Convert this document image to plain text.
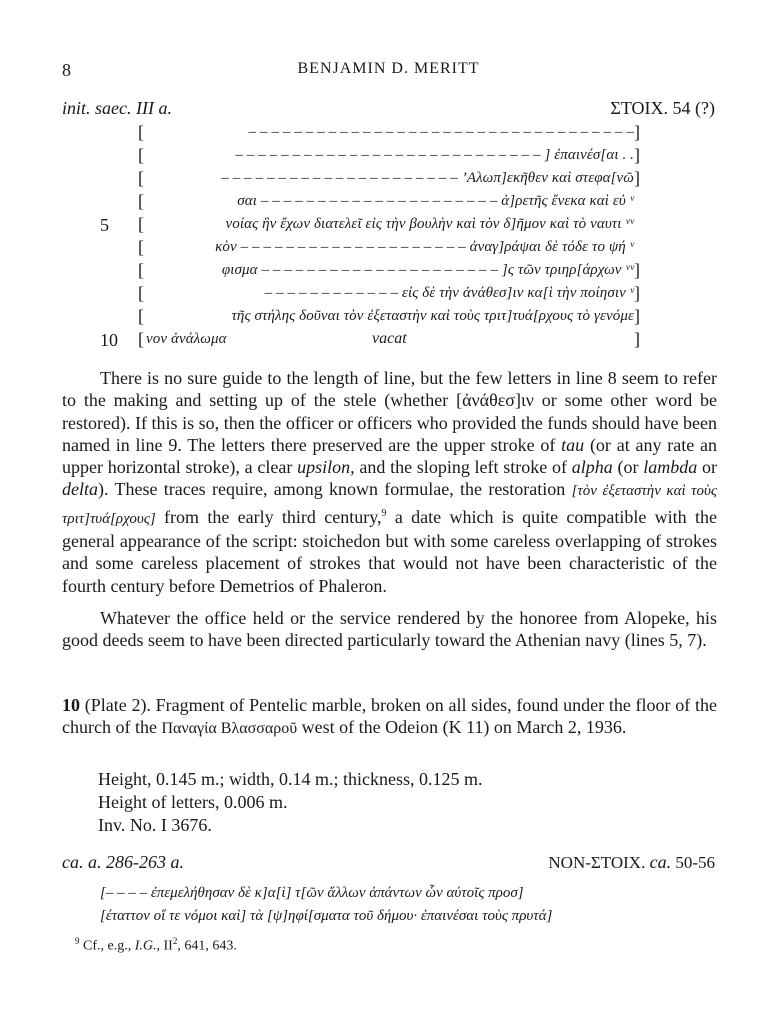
8	BENJAMIN D. MERITT
init. saec. III a.	ΣΤΟΙΧ. 54 (?)
[	– – – – – – – – – – – – – – – – – – – – – – – – – – – – – – – – – – ]
[	– – – – – – – – – – – – – – – – – – – – – – – – – – – ] ἐπαινέσ[αι . . ]
[	– – – – – – – – – – – – – – – – – – – – – ’Αλωπ]εκῆθεν καὶ στεφα[νῶ ]
[	σαι – – – – – – – – – – – – – – – – – – – – – ἀ]ρετῆς ἕνεκα καὶ εὐ ᵛ
5	[	νοίας ἣν ἔχων διατελεῖ εἰς τὴν βουλὴν καὶ τὸν δ]ῆμον καὶ τὸ ναυτι ᵛᵛ
[	κὸν – – – – – – – – – – – – – – – – – – – – ἀναγ]ράψαι δὲ τόδε το ψή ᵛ
[	φισμα – – – – – – – – – – – – – – – – – – – – – ]ς τῶν τριηρ[άρχων ᵛᵛ ]
[	– – – – – – – – – – – – εἰς δὲ τὴν ἀνάθεσ]ιν κα[ὶ τὴν ποίησιν ᵛ ]
[	τῆς στήλης δοῦναι τὸν ἐξεταστὴν καὶ τοὺς τριτ]τυά[ρχους τὸ γενόμε ]
10	[ νον ἀνάλωμα	vacat	]
There is no sure guide to the length of line, but the few letters in line 8 seem to refer to the making and setting up of the stele (whether [ἀνάθεσ]ιν or some other word be restored). If this is so, then the officer or officers who provided the funds should have been named in line 9. The letters there preserved are the upper stroke of tau (or at any rate an upper horizontal stroke), a clear upsilon, and the sloping left stroke of alpha (or lambda or delta). These traces require, among known formulae, the restoration [τὸν ἐξεταστὴν καὶ τοὺς τριτ]τυά[ρχους] from the early third century,$^9$ a date which is quite compatible with the general appearance of the script: stoichedon but with some careless overlapping of strokes and some careless placement of strokes that would not have been characteristic of the fourth century before Demetrios of Phaleron.
Whatever the office held or the service rendered by the honoree from Alopeke, his good deeds seem to have been directed particularly toward the Athenian navy (lines 5, 7).
10 (Plate 2). Fragment of Pentelic marble, broken on all sides, found under the floor of the church of the Παναγία Βλασσαροῦ west of the Odeion (K 11) on March 2, 1936.
Height, 0.145 m.; width, 0.14 m.; thickness, 0.125 m.
Height of letters, 0.006 m.
Inv. No. I 3676.
ca. a. 286-263 a.	NON-ΣΤΟΙΧ. ca. 50-56
[– – – – ἐπεμελήθησαν δὲ κ]α[ὶ] τ[ῶν ἄλλων ἁπάντων ὧν αὐτοῖς προσ]
[έταττον οἵ τε νόμοι καὶ] τὰ [ψ]ηφί[σματα τοῦ δήμου· ἐπαινέσαι τοὺς πρυτά]
$^9$ Cf., e.g., I.G., $II^2$, 641, 643.
